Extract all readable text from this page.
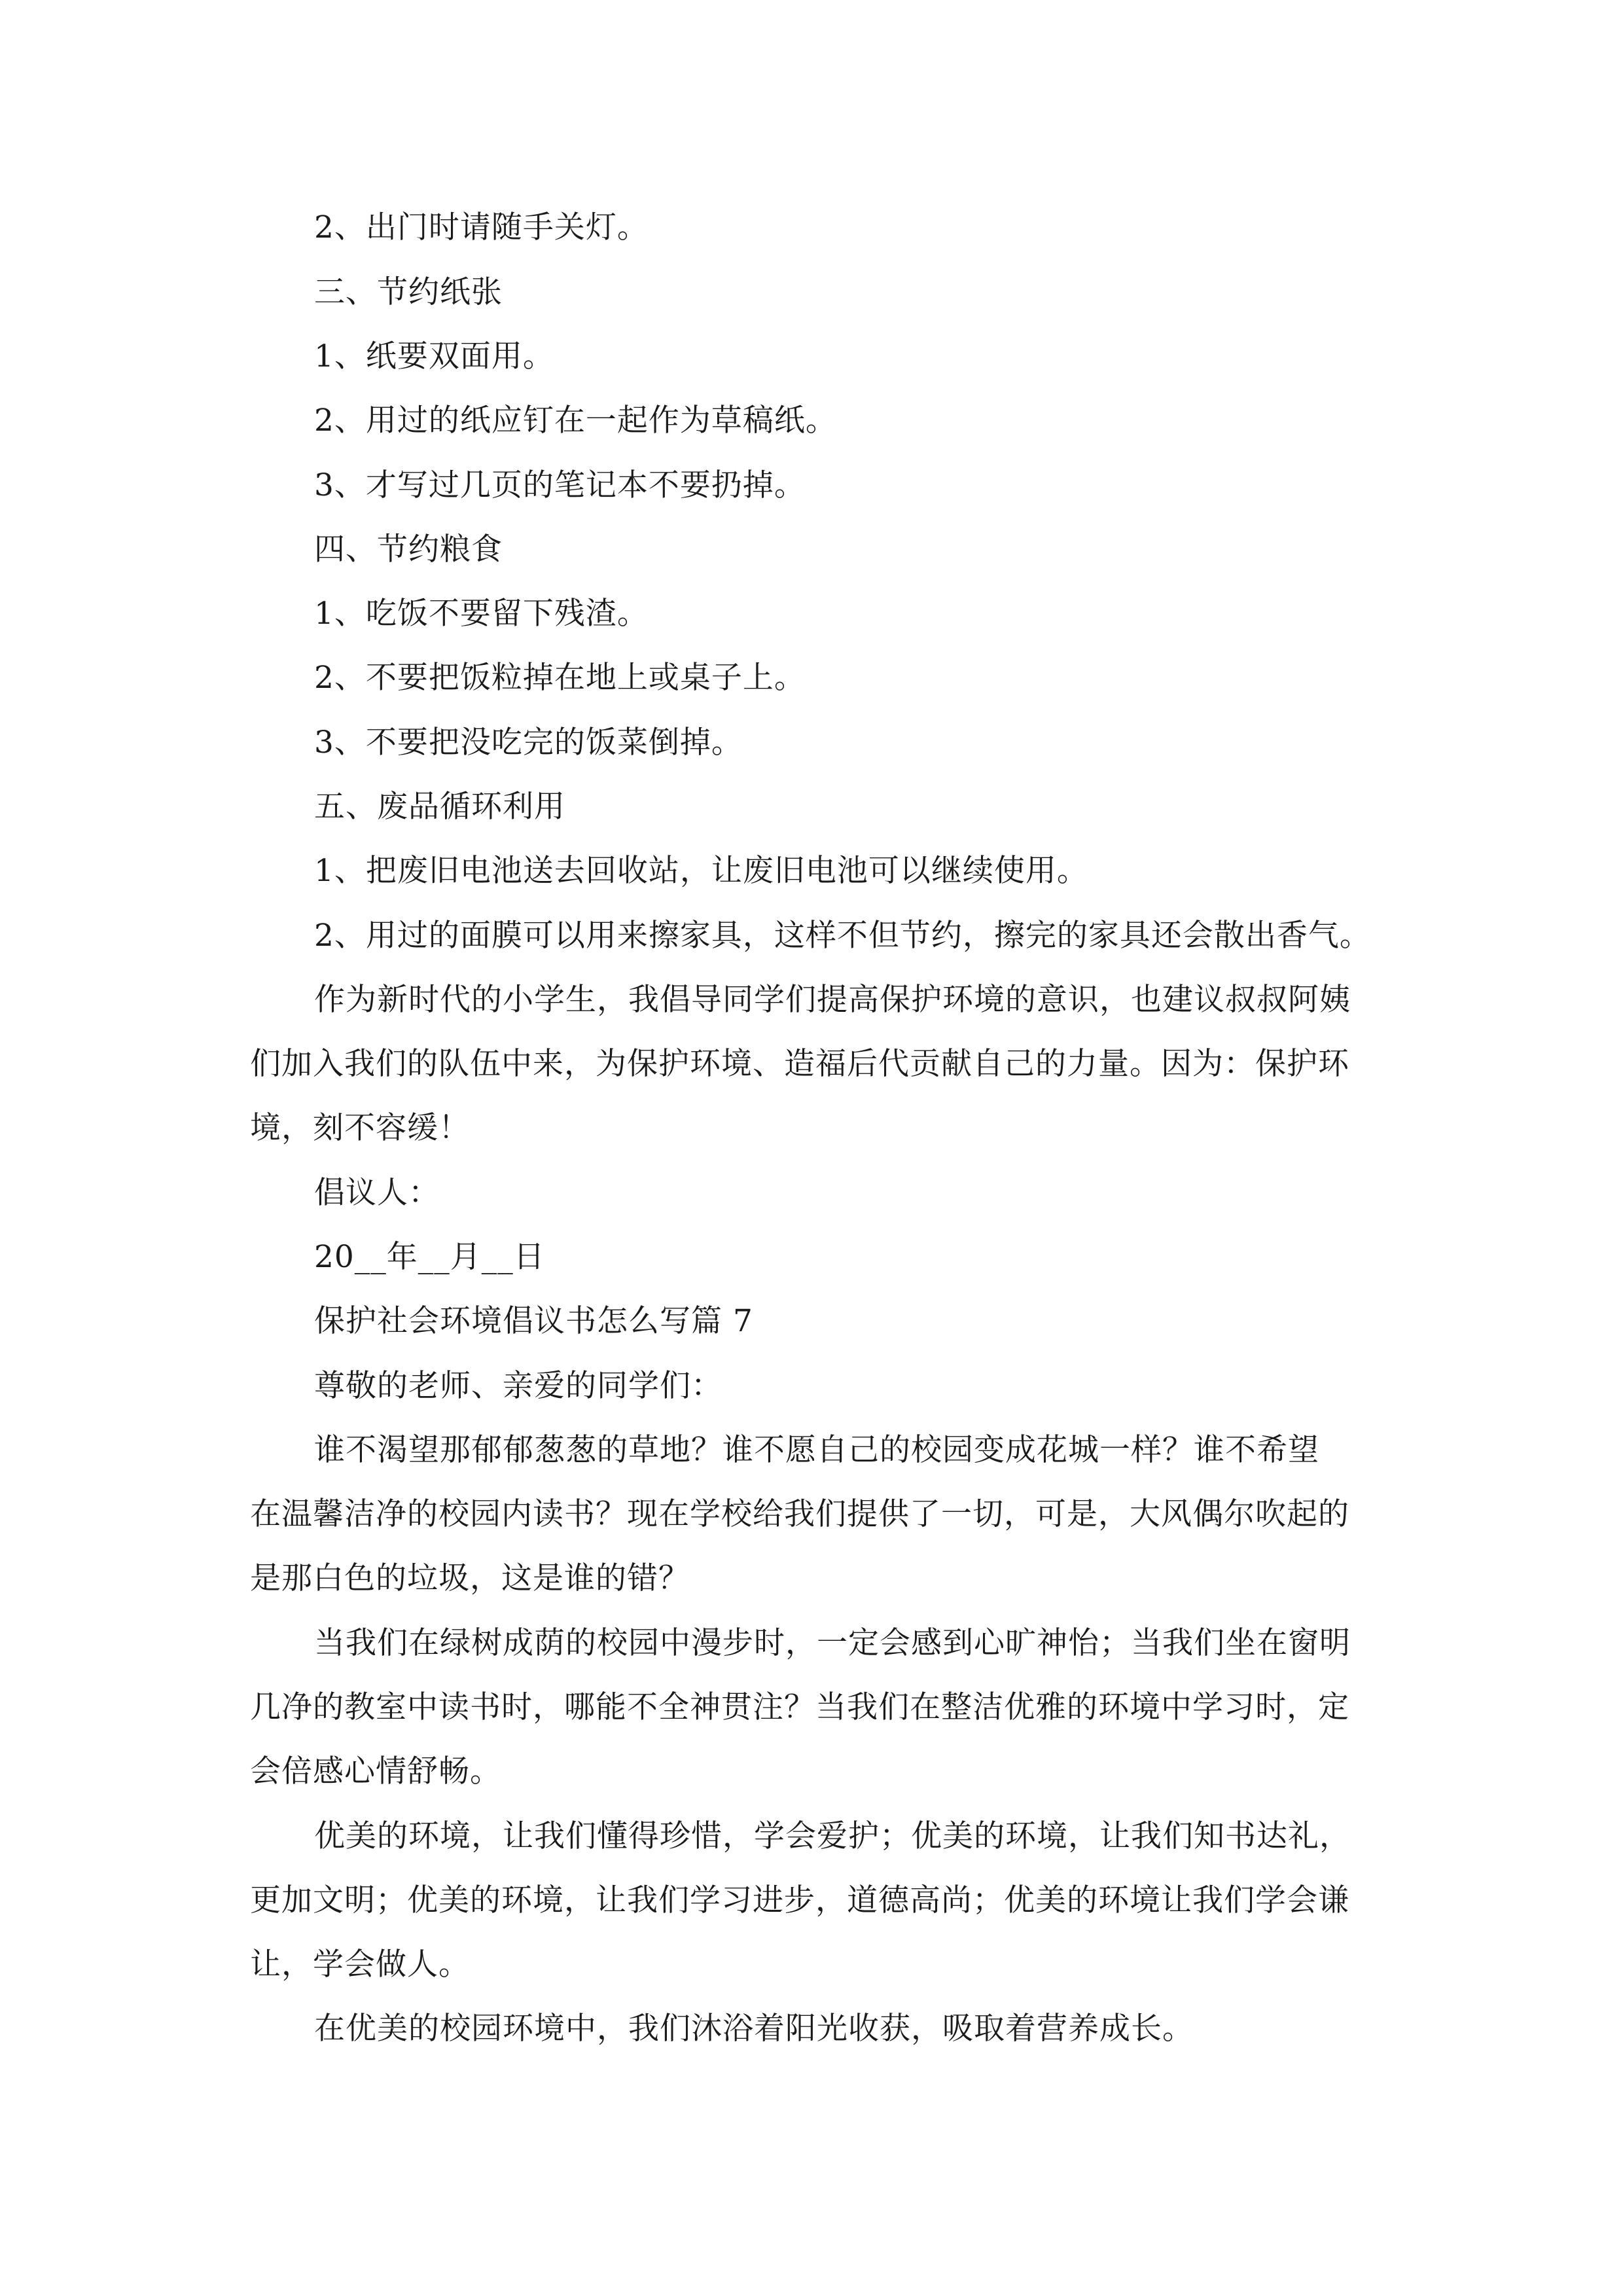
2、出门时请随手关灯。
三、节约纸张
1、纸要双面用。
2、用过的纸应钉在一起作为草稿纸。
3、才写过几页的笔记本不要扔掉。
四、节约粮食
1、吃饭不要留下残渣。
2、不要把饭粒掉在地上或桌子上。
3、不要把没吃完的饭菜倒掉。
五、废品循环利用
1、把废旧电池送去回收站，让废旧电池可以继续使用。
2、用过的面膜可以用来擦家具，这样不但节约，擦完的家具还会散出香气。
作为新时代的小学生，我倡导同学们提高保护环境的意识，也建议叔叔阿姨
们加入我们的队伍中来，为保护环境、造福后代贡献自己的力量。因为：保护环
境，刻不容缓！
倡议人：
20__年__月__日
保护社会环境倡议书怎么写篇 7
尊敬的老师、亲爱的同学们：
谁不渴望那郁郁葱葱的草地？谁不愿自己的校园变成花城一样？谁不希望
在温馨洁净的校园内读书？现在学校给我们提供了一切，可是，大风偶尔吹起的
是那白色的垃圾，这是谁的错？
当我们在绿树成荫的校园中漫步时，一定会感到心旷神怡；当我们坐在窗明
几净的教室中读书时，哪能不全神贯注？当我们在整洁优雅的环境中学习时，定
会倍感心情舒畅。
优美的环境，让我们懂得珍惜，学会爱护；优美的环境，让我们知书达礼，
更加文明；优美的环境，让我们学习进步，道德高尚；优美的环境让我们学会谦
让，学会做人。
在优美的校园环境中，我们沐浴着阳光收获，吸取着营养成长。
